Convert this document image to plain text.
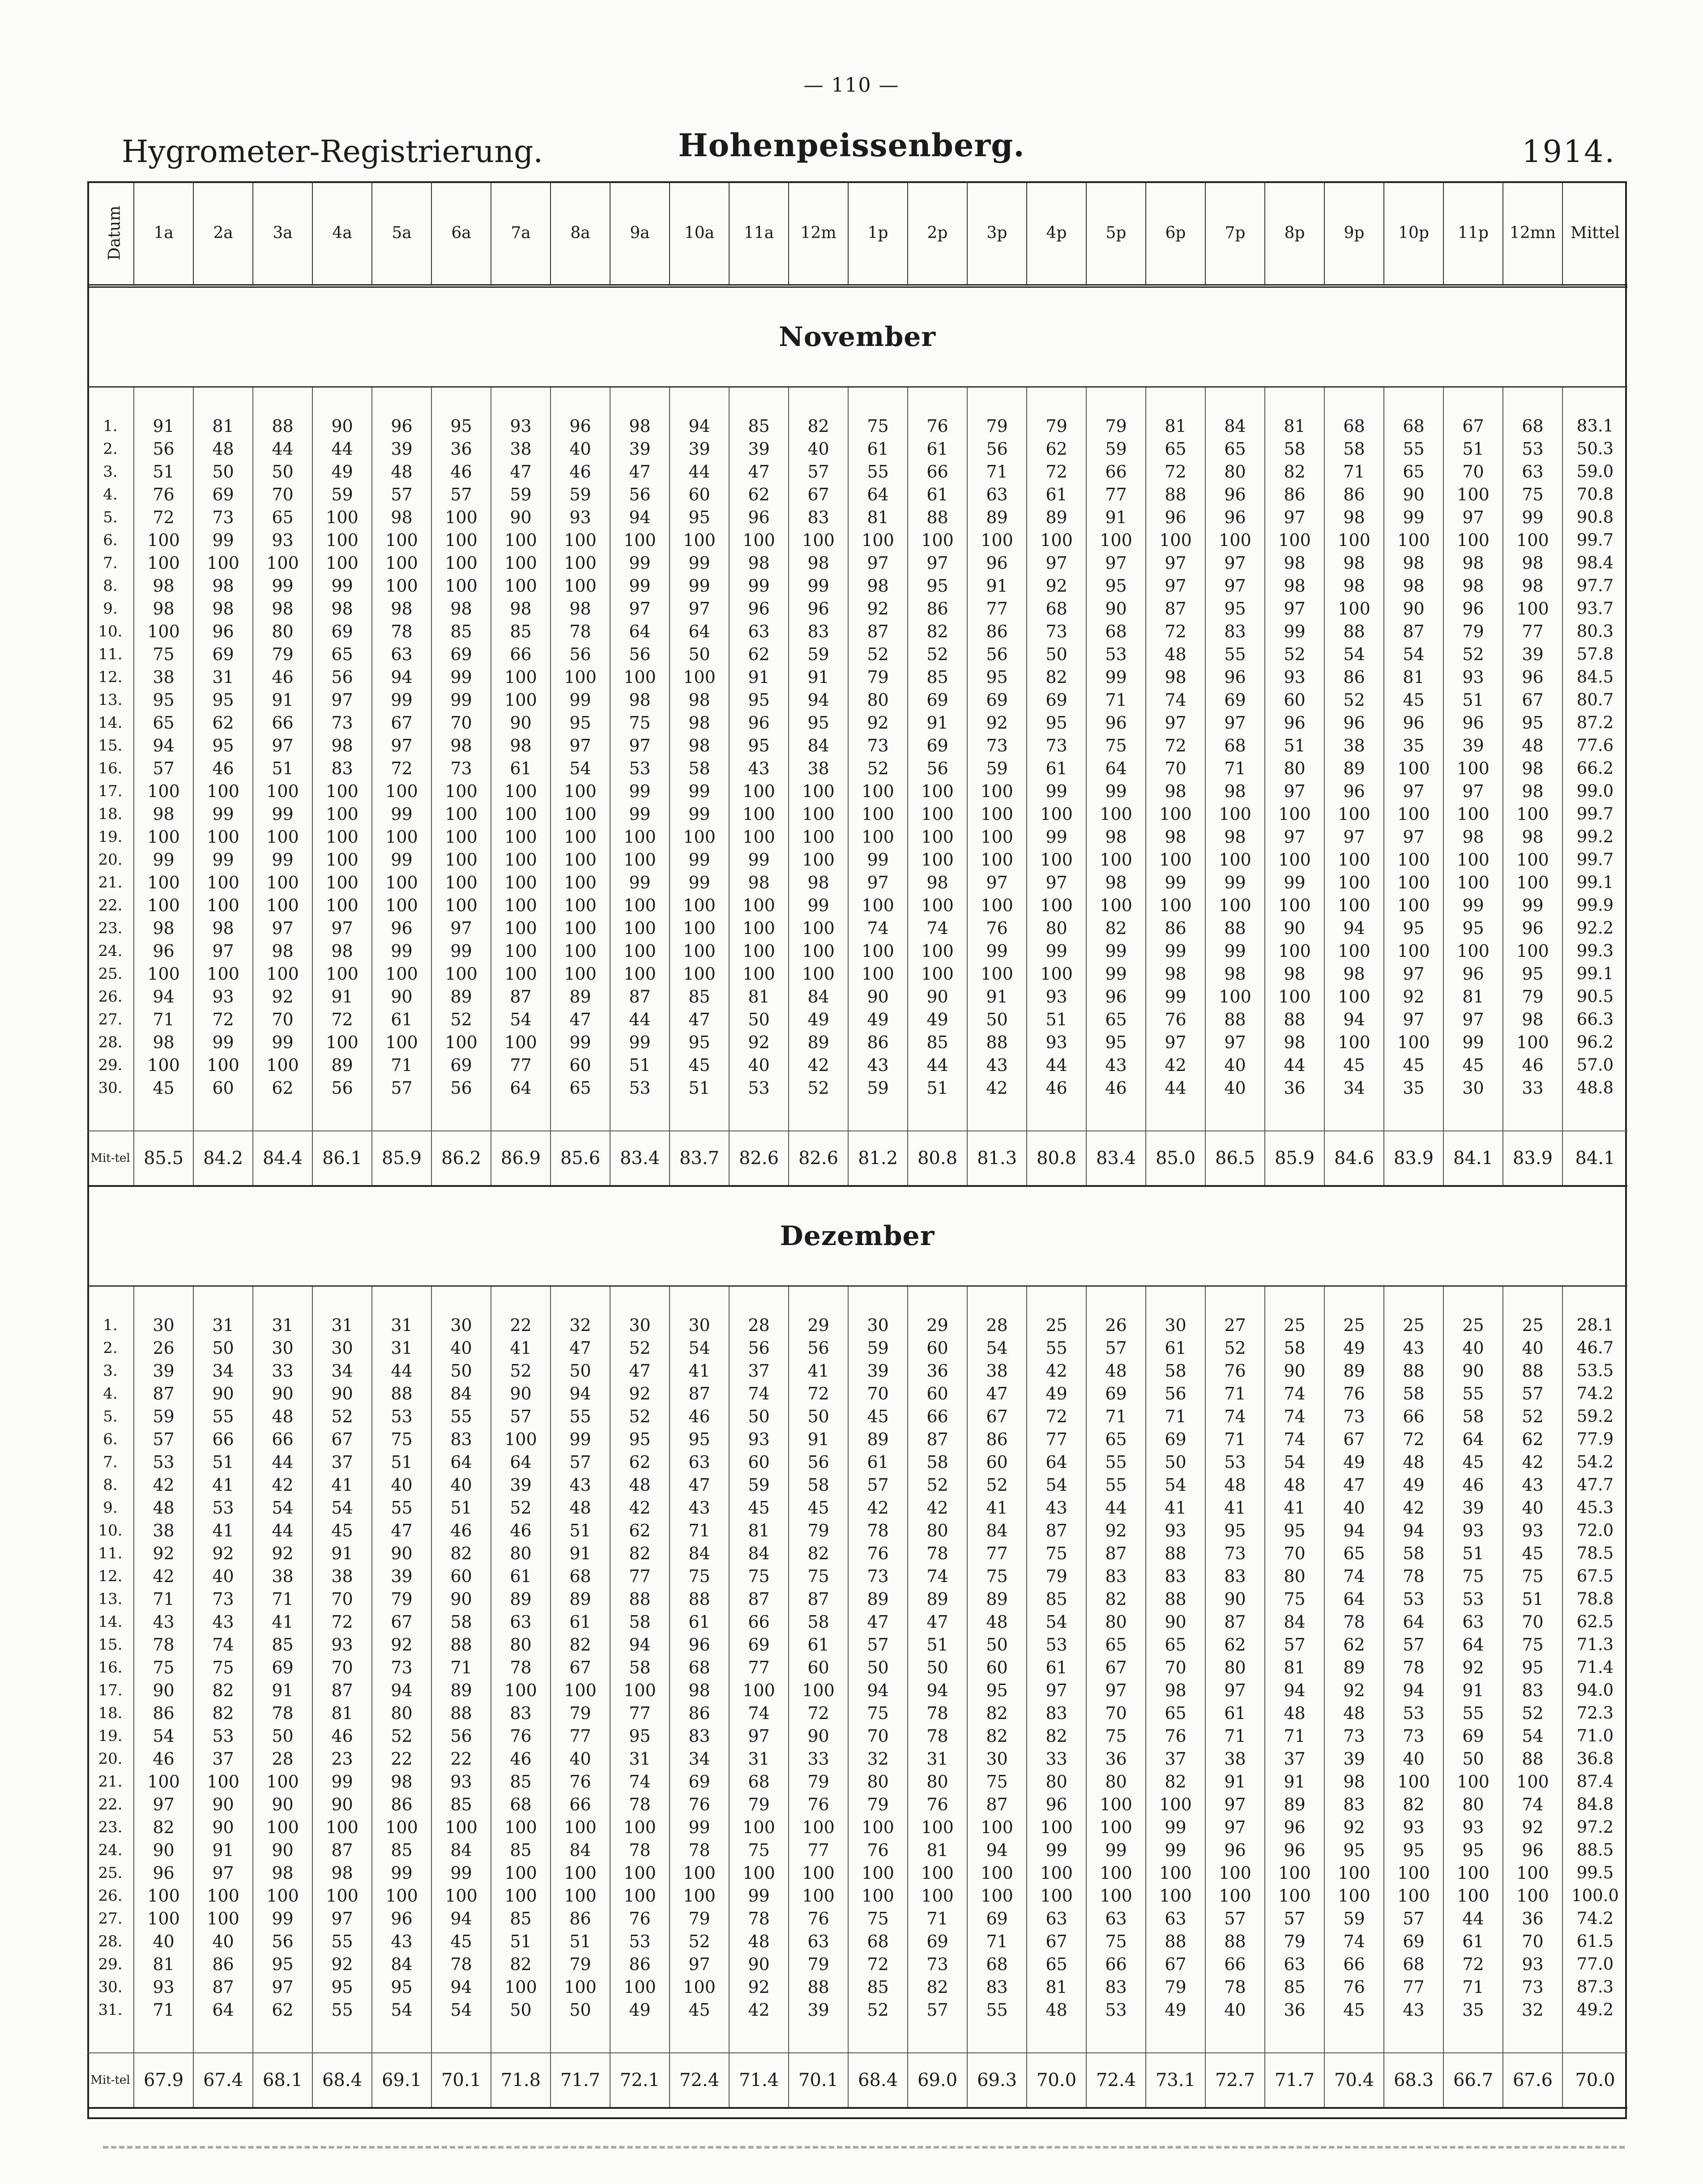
— 110 —
Hygrometer-Registrierung.	Hohenpeissenberg.	1914.
Datum	1a	2a	3a	4a	5a	6a	7a	8a	9a	10a	11a	12m	1p	2p	3p	4p	5p	6p	7p	8p	9p	10p	11p	12mn	Mittel
November																									

1.	91	81	88	90	96	95	93	96	98	94	85	82	75	76	79	79	79	81	84	81	68	68	67	68	83.1
2.	56	48	44	44	39	36	38	40	39	39	39	40	61	61	56	62	59	65	65	58	58	55	51	53	50.3
3.	51	50	50	49	48	46	47	46	47	44	47	57	55	66	71	72	66	72	80	82	71	65	70	63	59.0
4.	76	69	70	59	57	57	59	59	56	60	62	67	64	61	63	61	77	88	96	86	86	90	100	75	70.8
5.	72	73	65	100	98	100	90	93	94	95	96	83	81	88	89	89	91	96	96	97	98	99	97	99	90.8
6.	100	99	93	100	100	100	100	100	100	100	100	100	100	100	100	100	100	100	100	100	100	100	100	100	99.7
7.	100	100	100	100	100	100	100	100	99	99	98	98	97	97	96	97	97	97	97	98	98	98	98	98	98.4
8.	98	98	99	99	100	100	100	100	99	99	99	99	98	95	91	92	95	97	97	98	98	98	98	98	97.7
9.	98	98	98	98	98	98	98	98	97	97	96	96	92	86	77	68	90	87	95	97	100	90	96	100	93.7
10.	100	96	80	69	78	85	85	78	64	64	63	83	87	82	86	73	68	72	83	99	88	87	79	77	80.3
11.	75	69	79	65	63	69	66	56	56	50	62	59	52	52	56	50	53	48	55	52	54	54	52	39	57.8
12.	38	31	46	56	94	99	100	100	100	100	91	91	79	85	95	82	99	98	96	93	86	81	93	96	84.5
13.	95	95	91	97	99	99	100	99	98	98	95	94	80	69	69	69	71	74	69	60	52	45	51	67	80.7
14.	65	62	66	73	67	70	90	95	75	98	96	95	92	91	92	95	96	97	97	96	96	96	96	95	87.2
15.	94	95	97	98	97	98	98	97	97	98	95	84	73	69	73	73	75	72	68	51	38	35	39	48	77.6
16.	57	46	51	83	72	73	61	54	53	58	43	38	52	56	59	61	64	70	71	80	89	100	100	98	66.2
17.	100	100	100	100	100	100	100	100	99	99	100	100	100	100	100	99	99	98	98	97	96	97	97	98	99.0
18.	98	99	99	100	99	100	100	100	99	99	100	100	100	100	100	100	100	100	100	100	100	100	100	100	99.7
19.	100	100	100	100	100	100	100	100	100	100	100	100	100	100	100	99	98	98	98	97	97	97	98	98	99.2
20.	99	99	99	100	99	100	100	100	100	99	99	100	99	100	100	100	100	100	100	100	100	100	100	100	99.7
21.	100	100	100	100	100	100	100	100	99	99	98	98	97	98	97	97	98	99	99	99	100	100	100	100	99.1
22.	100	100	100	100	100	100	100	100	100	100	100	99	100	100	100	100	100	100	100	100	100	100	99	99	99.9
23.	98	98	97	97	96	97	100	100	100	100	100	100	74	74	76	80	82	86	88	90	94	95	95	96	92.2
24.	96	97	98	98	99	99	100	100	100	100	100	100	100	100	99	99	99	99	99	100	100	100	100	100	99.3
25.	100	100	100	100	100	100	100	100	100	100	100	100	100	100	100	100	99	98	98	98	98	97	96	95	99.1
26.	94	93	92	91	90	89	87	89	87	85	81	84	90	90	91	93	96	99	100	100	100	92	81	79	90.5
27.	71	72	70	72	61	52	54	47	44	47	50	49	49	49	50	51	65	76	88	88	94	97	97	98	66.3
28.	98	99	99	100	100	100	100	99	99	95	92	89	86	85	88	93	95	97	97	98	100	100	99	100	96.2
29.	100	100	100	89	71	69	77	60	51	45	40	42	43	44	43	44	43	42	40	44	45	45	45	46	57.0
30.	45	60	62	56	57	56	64	65	53	51	53	52	59	51	42	46	46	44	40	36	34	35	30	33	48.8

Mit-tel	85.5	84.2	84.4	86.1	85.9	86.2	86.9	85.6	83.4	83.7	82.6	82.6	81.2	80.8	81.3	80.8	83.4	85.0	86.5	85.9	84.6	83.9	84.1	83.9	84.1
Dezember																									

1.	30	31	31	31	31	30	22	32	30	30	28	29	30	29	28	25	26	30	27	25	25	25	25	25	28.1
2.	26	50	30	30	31	40	41	47	52	54	56	56	59	60	54	55	57	61	52	58	49	43	40	40	46.7
3.	39	34	33	34	44	50	52	50	47	41	37	41	39	36	38	42	48	58	76	90	89	88	90	88	53.5
4.	87	90	90	90	88	84	90	94	92	87	74	72	70	60	47	49	69	56	71	74	76	58	55	57	74.2
5.	59	55	48	52	53	55	57	55	52	46	50	50	45	66	67	72	71	71	74	74	73	66	58	52	59.2
6.	57	66	66	67	75	83	100	99	95	95	93	91	89	87	86	77	65	69	71	74	67	72	64	62	77.9
7.	53	51	44	37	51	64	64	57	62	63	60	56	61	58	60	64	55	50	53	54	49	48	45	42	54.2
8.	42	41	42	41	40	40	39	43	48	47	59	58	57	52	52	54	55	54	48	48	47	49	46	43	47.7
9.	48	53	54	54	55	51	52	48	42	43	45	45	42	42	41	43	44	41	41	41	40	42	39	40	45.3
10.	38	41	44	45	47	46	46	51	62	71	81	79	78	80	84	87	92	93	95	95	94	94	93	93	72.0
11.	92	92	92	91	90	82	80	91	82	84	84	82	76	78	77	75	87	88	73	70	65	58	51	45	78.5
12.	42	40	38	38	39	60	61	68	77	75	75	75	73	74	75	79	83	83	83	80	74	78	75	75	67.5
13.	71	73	71	70	79	90	89	89	88	88	87	87	89	89	89	85	82	88	90	75	64	53	53	51	78.8
14.	43	43	41	72	67	58	63	61	58	61	66	58	47	47	48	54	80	90	87	84	78	64	63	70	62.5
15.	78	74	85	93	92	88	80	82	94	96	69	61	57	51	50	53	65	65	62	57	62	57	64	75	71.3
16.	75	75	69	70	73	71	78	67	58	68	77	60	50	50	60	61	67	70	80	81	89	78	92	95	71.4
17.	90	82	91	87	94	89	100	100	100	98	100	100	94	94	95	97	97	98	97	94	92	94	91	83	94.0
18.	86	82	78	81	80	88	83	79	77	86	74	72	75	78	82	83	70	65	61	48	48	53	55	52	72.3
19.	54	53	50	46	52	56	76	77	95	83	97	90	70	78	82	82	75	76	71	71	73	73	69	54	71.0
20.	46	37	28	23	22	22	46	40	31	34	31	33	32	31	30	33	36	37	38	37	39	40	50	88	36.8
21.	100	100	100	99	98	93	85	76	74	69	68	79	80	80	75	80	80	82	91	91	98	100	100	100	87.4
22.	97	90	90	90	86	85	68	66	78	76	79	76	79	76	87	96	100	100	97	89	83	82	80	74	84.8
23.	82	90	100	100	100	100	100	100	100	99	100	100	100	100	100	100	100	99	97	96	92	93	93	92	97.2
24.	90	91	90	87	85	84	85	84	78	78	75	77	76	81	94	99	99	99	96	96	95	95	95	96	88.5
25.	96	97	98	98	99	99	100	100	100	100	100	100	100	100	100	100	100	100	100	100	100	100	100	100	99.5
26.	100	100	100	100	100	100	100	100	100	100	99	100	100	100	100	100	100	100	100	100	100	100	100	100	100.0
27.	100	100	99	97	96	94	85	86	76	79	78	76	75	71	69	63	63	63	57	57	59	57	44	36	74.2
28.	40	40	56	55	43	45	51	51	53	52	48	63	68	69	71	67	75	88	88	79	74	69	61	70	61.5
29.	81	86	95	92	84	78	82	79	86	97	90	79	72	73	68	65	66	67	66	63	66	68	72	93	77.0
30.	93	87	97	95	95	94	100	100	100	100	92	88	85	82	83	81	83	79	78	85	76	77	71	73	87.3
31.	71	64	62	55	54	54	50	50	49	45	42	39	52	57	55	48	53	49	40	36	45	43	35	32	49.2

Mit-tel	67.9	67.4	68.1	68.4	69.1	70.1	71.8	71.7	72.1	72.4	71.4	70.1	68.4	69.0	69.3	70.0	72.4	73.1	72.7	71.7	70.4	68.3	66.7	67.6	70.0
